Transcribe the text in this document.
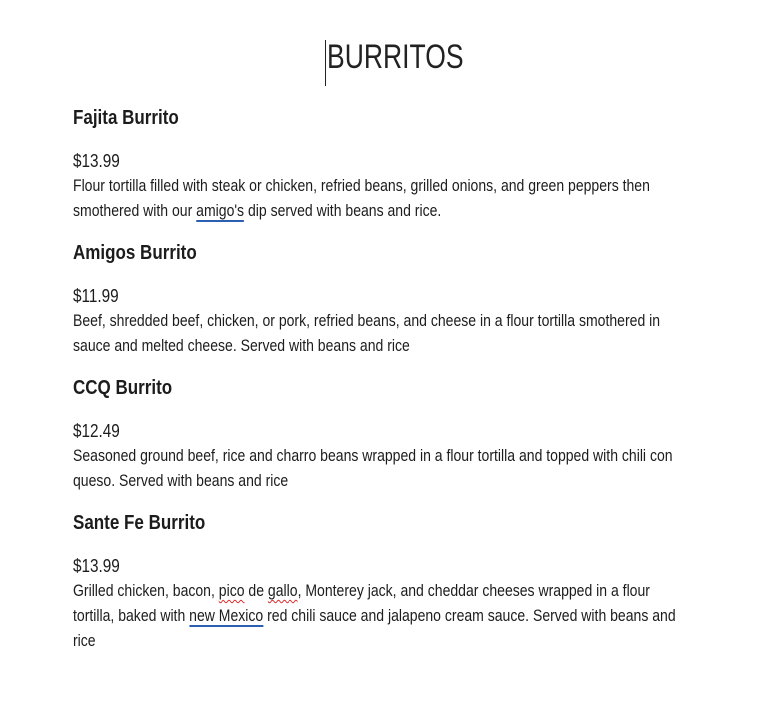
BURRITOS
Fajita Burrito
$13.99
Flour tortilla filled with steak or chicken, refried beans, grilled onions, and green peppers then smothered with our amigo's dip served with beans and rice.
Amigos Burrito
$11.99
Beef, shredded beef, chicken, or pork, refried beans, and cheese in a flour tortilla smothered in sauce and melted cheese. Served with beans and rice
CCQ Burrito
$12.49
Seasoned ground beef, rice and charro beans wrapped in a flour tortilla and topped with chili con queso. Served with beans and rice
Sante Fe Burrito
$13.99
Grilled chicken, bacon, pico de gallo, Monterey jack, and cheddar cheeses wrapped in a flour tortilla, baked with new Mexico red chili sauce and jalapeno cream sauce. Served with beans and rice
